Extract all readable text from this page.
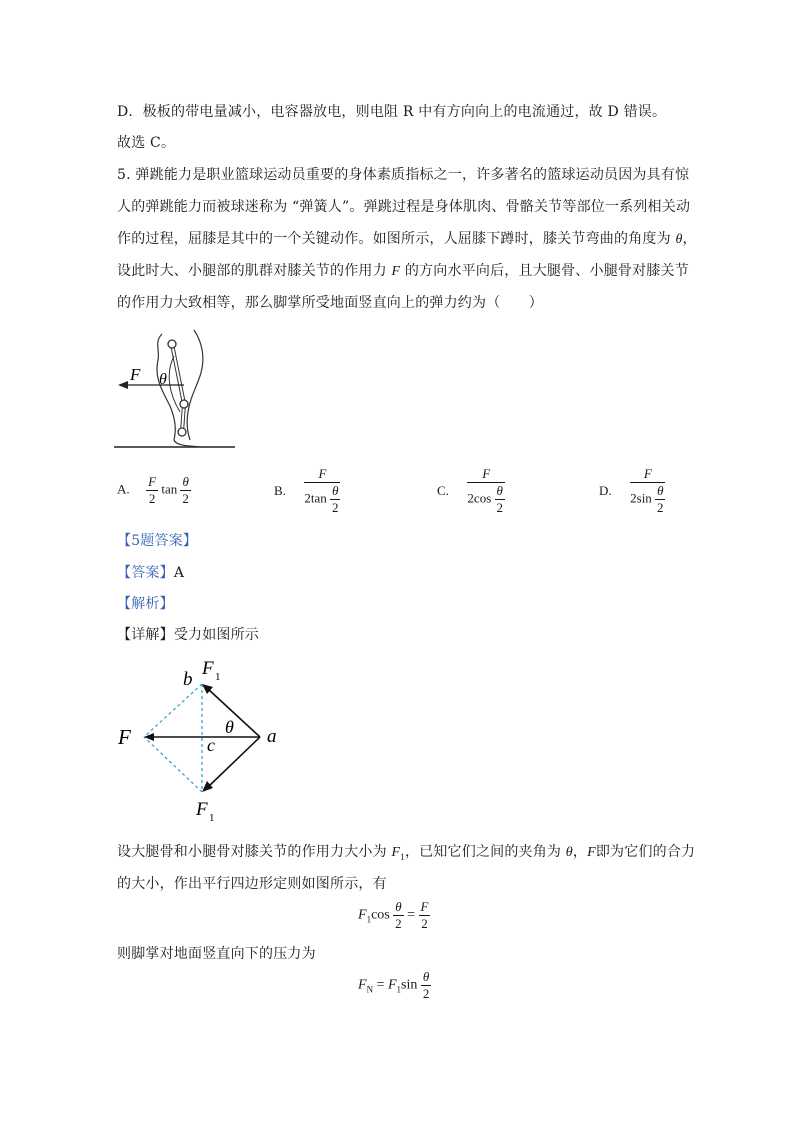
D．极板的带电量减小，电容器放电，则电阻 R 中有方向向上的电流通过，故 D 错误。
故选 C。
5. 弹跳能力是职业篮球运动员重要的身体素质指标之一，许多著名的篮球运动员因为具有惊
人的弹跳能力而被球迷称为 “弹簧人”。弹跳过程是身体肌肉、骨骼关节等部位一系列相关动
作的过程，屈膝是其中的一个关键动作。如图所示，人屈膝下蹲时，膝关节弯曲的角度为 θ，
设此时大、小腿部的肌群对膝关节的作用力 F 的方向水平向后，且大腿骨、小腿骨对膝关节
的作用力大致相等，那么脚掌所受地面竖直向上的弹力约为（　　）
F θ
A. $\frac{F}{2}$ $\tan \frac{\theta}{2}$	B. $\frac{F}{2\tan \frac{\theta}{2}}$	C. $\frac{F}{2\cos \frac{\theta}{2}}$	D. $\frac{F}{2\sin \frac{\theta}{2}}$
【5题答案】
【答案】A
【解析】
【详解】受力如图所示
F 1
b
θ
F	c	a
F 1
设大腿骨和小腿骨对膝关节的作用力大小为 $F_1$，已知它们之间的夹角为 θ，F即为它们的合力
的大小，作出平行四边形定则如图所示，有
$F_1\cos \frac{\theta}{2} = \frac{F}{2}$
则脚掌对地面竖直向下的压力为
$F_N = F_1\sin \frac{\theta}{2}$
